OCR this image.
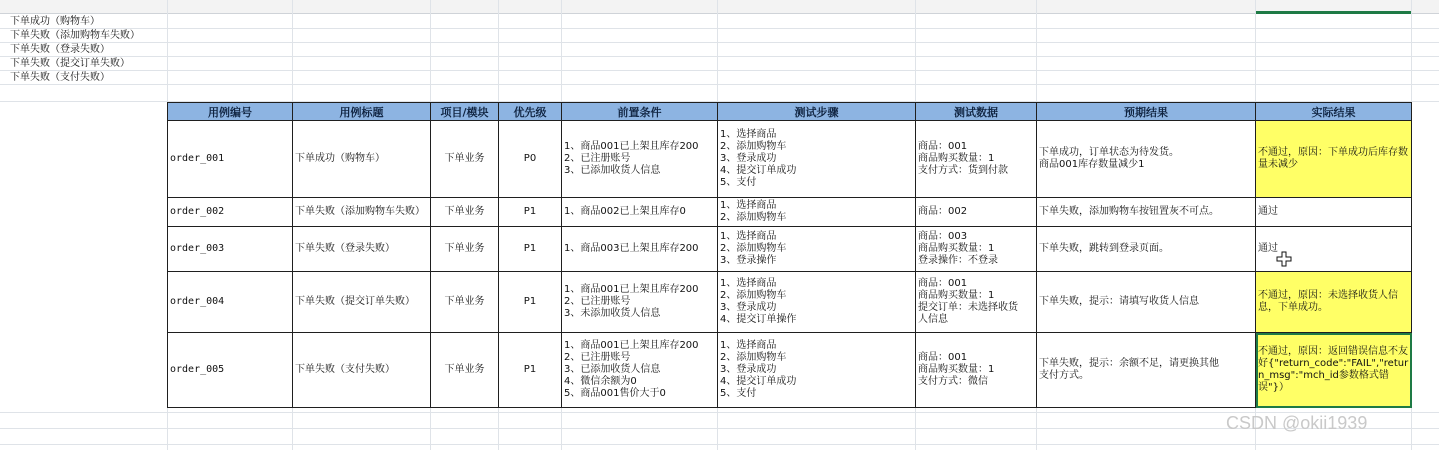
下单成功（购物车）
下单失败（添加购物车失败）
下单失败（登录失败）
下单失败（提交订单失败）
下单失败（支付失败）
用例编号	用例标题	项目/模块	优先级	前置条件	测试步骤	测试数据	预期结果	实际结果
order_001	下单成功（购物车）	下单业务	P0	1、商品001已上架且库存200
2、已注册账号
3、已添加收货人信息	1、选择商品
2、添加购物车
3、登录成功
4、提交订单成功
5、支付	商品：001
商品购买数量：1
支付方式：货到付款	下单成功，订单状态为待发货。
商品001库存数量减少1	不通过，原因：下单成功后库存数量未减少
order_002	下单失败（添加购物车失败）	下单业务	P1	1、商品002已上架且库存0	1、选择商品
2、添加购物车	商品：002	下单失败，添加购物车按钮置灰不可点。	通过
order_003	下单失败（登录失败）	下单业务	P1	1、商品003已上架且库存200	1、选择商品
2、添加购物车
3、登录操作	商品：003
商品购买数量：1
登录操作：不登录	下单失败，跳转到登录页面。	通过
order_004	下单失败（提交订单失败）	下单业务	P1	1、商品001已上架且库存200
2、已注册账号
3、未添加收货人信息	1、选择商品
2、添加购物车
3、登录成功
4、提交订单操作	商品：001
商品购买数量：1
提交订单：未选择收货
人信息	下单失败，提示：请填写收货人信息	不通过，原因：未选择收货人信息，下单成功。
order_005	下单失败（支付失败）	下单业务	P1	1、商品001已上架且库存200
2、已注册账号
3、已添加收货人信息
4、微信余额为0
5、商品001售价大于0	1、选择商品
2、添加购物车
3、登录成功
4、提交订单成功
5、支付	商品：001
商品购买数量：1
支付方式：微信	下单失败，提示：余额不足，请更换其他
支付方式。	不通过，原因：返回错误信息不友好{"return_code":"FAIL","return_msg":"mch_id参数格式错误"}）
CSDN @okii1939
